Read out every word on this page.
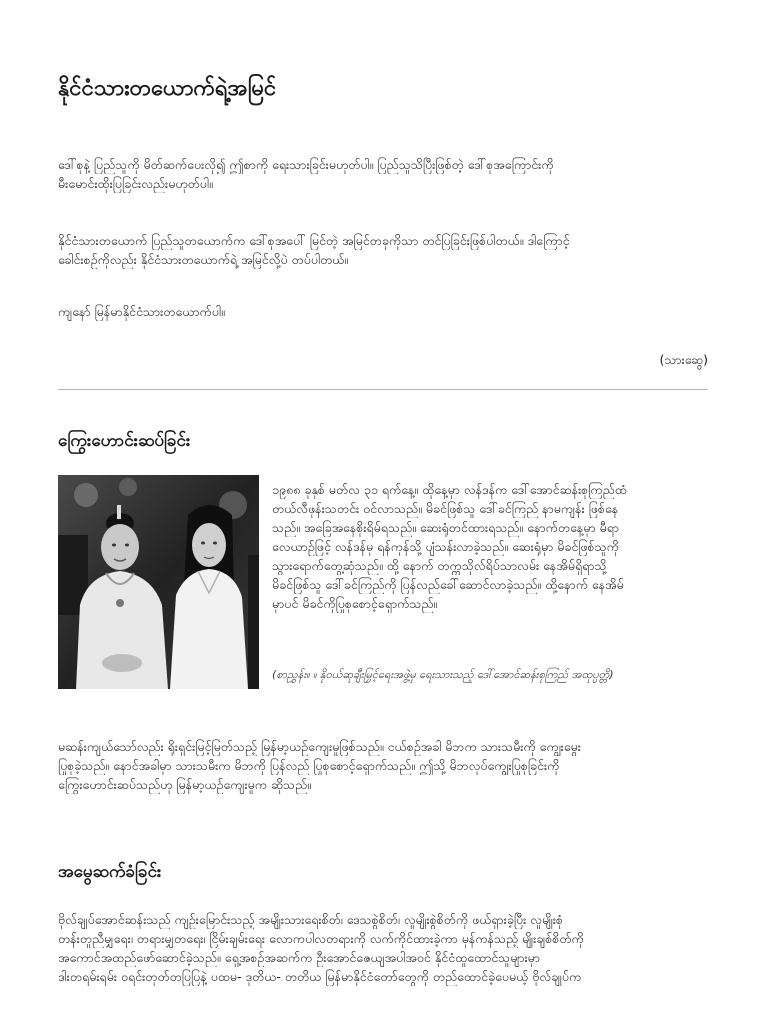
နိုင်ငံသားတယောက်ရဲ့အမြင်
ဒေါ်စုနဲ့ ပြည်သူကို မိတ်ဆက်ပေးလို၍ ဤစာကို ရေးသားခြင်းမဟုတ်ပါ။ ပြည်သူသိပြီးဖြစ်တဲ့ ဒေါ်စုအကြောင်းကို
မီးမောင်းထိုးပြခြင်းလည်းမဟုတ်ပါ။
နိုင်ငံသားတယောက် ပြည်သူတယောက်က ဒေါ်စုအပေါ် မြင်တဲ့ အမြင်တခုကိုသာ တင်ပြခြင်းဖြစ်ပါတယ်။ ဒါကြောင့်
ခေါင်းစဉ်ကိုလည်း နိုင်ငံသားတယောက်ရဲ့ အမြင်လို့ပဲ တပ်ပါတယ်။
ကျနော် မြန်မာနိုင်ငံသားတယောက်ပါ။
(သားဆွေ)
ကြွေးဟောင်းဆပ်ခြင်း
၁၉၈၈ ခုနှစ် မတ်လ ၃၁ ရက်နေ့။ ထိုနေ့မှာ လန်ဒန်က ဒေါ်အောင်ဆန်းစုကြည်ထံ
တယ်လီဖုန်းသတင်း ဝင်လာသည်။ မိခင်ဖြစ်သူ ဒေါ်ခင်ကြည် နာမကျန်း ဖြစ်နေ
သည်။ အခြေအနေစိုးရိမ်ရသည်။ ဆေးရုံတင်ထားရသည်။ နောက်တနေ့မှာ မီရာ
လေယာဉ်ဖြင့် လန်ဒန်မှ ရန်ကုန်သို့ ပျံသန်းလာခဲ့သည်။ ဆေးရုံမှာ မိခင်ဖြစ်သူကို
သွားရောက်တွေ့ဆုံသည်။ ထို့ နောက် တက္ကသိုလ်ရိပ်သာလမ်း နေအိမ်ရှိရာသို့
မိခင်ဖြစ်သူ ဒေါ်ခင်ကြည်ကို ပြန်လည်ခေါ်ဆောင်လာခဲ့သည်။ ထို့နောက် နေအိမ်
မှာပင် မိခင်ကိုပြုစုစောင့်ရှောက်သည်။
(စာညွှန်း။ ။ နိုဝယ်ဆုချီးမြှင့်ရေးအဖွဲ့မှ ရေးသားသည့် ဒေါ်အောင်ဆန်းစုကြည် အထုပ္ပတ္တိ)
မဆန်းကျယ်သော်လည်း ရိုးရှင်းမြင့်မြတ်သည့် မြန်မာ့ယဉ်ကျေးမှုဖြစ်သည်။ ငယ်စဉ်အခါ မိဘက သားသမီးကို ကျွေးမွေး
ပြုစုခဲ့သည်။ နောင်အခါမှာ သားသမီးက မိဘကို ပြန်လည် ပြုစုစောင့်ရှောက်သည်။ ဤသို့ မိဘလုပ်ကျွေးပြုစုခြင်းကို
ကြွေးဟောင်းဆပ်သည်ဟု မြန်မာ့ယဉ်ကျေးမှုက ဆိုသည်။
အမွေဆက်ခံခြင်း
ဗိုလ်ချုပ်အောင်ဆန်းသည် ကျဉ်းမြောင်းသည့် အမျိုးသားရေးစိတ်၊ ဒေသစွဲစိတ်၊ လူမျိုးစွဲစိတ်ကို ဖယ်ရှားခဲ့ပြီး လူမျိုးစုံ
တန်းတူညီမျှရေး၊ တရားမျှတရေး၊ ငြိမ်းချမ်းရေး လောကပါလတရားကို လက်ကိုင်ထားခဲ့ကာ မှန်ကန်သည့် မျိုးချစ်စိတ်ကို
အကောင်အထည်ဖော်ဆောင်ခဲ့သည်။ ရှေ့အစဉ်အဆက်က ဦးအောင်ဇေယျအပါအဝင် နိုင်ငံထူထောင်သူများမှာ
ဒါးတရမ်းရမ်း ဝရင်းတုတ်တပြပြနဲ့ ပထမ- ဒုတိယ- တတိယ မြန်မာနိုင်ငံတော်တွေကို တည်ထောင်ခဲ့ပေမယ့် ဗိုလ်ချုပ်က
